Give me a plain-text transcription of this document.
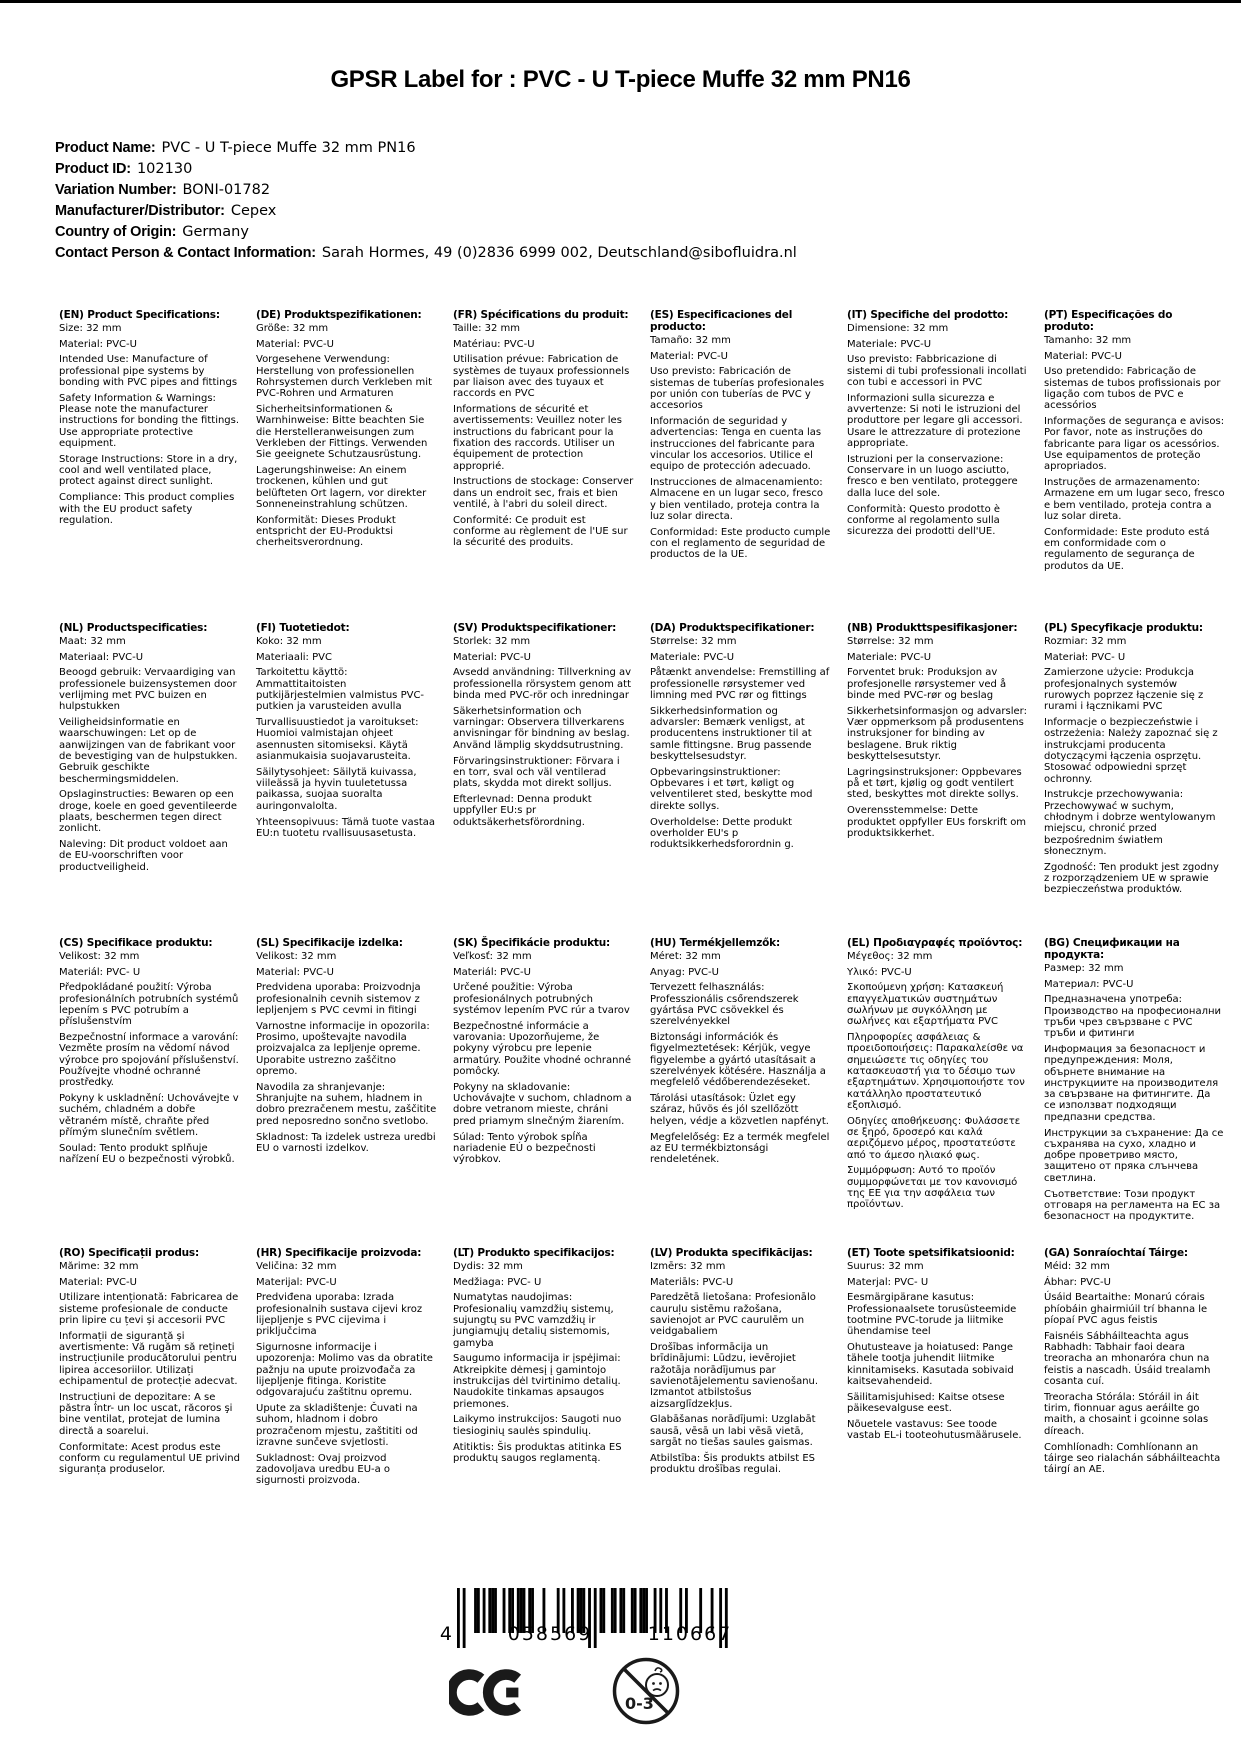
GPSR Label for : PVC - U T-piece Muffe 32 mm PN16
Product Name: PVC - U T-piece Muffe 32 mm PN16
Product ID: 102130
Variation Number: BONI-01782
Manufacturer/Distributor: Cepex
Country of Origin: Germany
Contact Person & Contact Information: Sarah Hormes, 49 (0)2836 6999 002, Deutschland@sibofluidra.nl
(EN) Product Specifications:

Size: 32 mm

Material: PVC-U

Intended Use: Manufacture of professional pipe systems by bonding with PVC pipes and fittings

Safety Information & Warnings: Please note the manufacturer instructions for bonding the fittings. Use appropriate protective equipment.

Storage Instructions: Store in a dry, cool and well ventilated place, protect against direct sunlight.

Compliance: This product complies with the EU product safety regulation.

(DE) Produktspezifikationen:

Größe: 32 mm

Material: PVC-U

Vorgesehene Verwendung: Herstellung von professionellen Rohrsystemen durch Verkleben mit PVC-Rohren und Armaturen

Sicherheitsinformationen & Warnhinweise: Bitte beachten Sie die Herstelleranweisungen zum Verkleben der Fittings. Verwenden Sie geeignete Schutzausrüstung.

Lagerungshinweise: An einem trockenen, kühlen und gut belüfteten Ort lagern, vor direkter Sonneneinstrahlung schützen.

Konformität: Dieses Produkt entspricht der EU-Produktsi cherheitsverordnung.

(FR) Spécifications du produit:

Taille: 32 mm

Matériau: PVC-U

Utilisation prévue: Fabrication de systèmes de tuyaux professionnels par liaison avec des tuyaux et raccords en PVC

Informations de sécurité et avertissements: Veuillez noter les instructions du fabricant pour la fixation des raccords. Utiliser un équipement de protection approprié.

Instructions de stockage: Conserver dans un endroit sec, frais et bien ventilé, à l'abri du soleil direct.

Conformité: Ce produit est conforme au règlement de l'UE sur la sécurité des produits.

(ES) Especificaciones del producto:

Tamaño: 32 mm

Material: PVC-U

Uso previsto: Fabricación de sistemas de tuberías profesionales por unión con tuberías de PVC y accesorios

Información de seguridad y advertencias: Tenga en cuenta las instrucciones del fabricante para vincular los accesorios. Utilice el equipo de protección adecuado.

Instrucciones de almacenamiento: Almacene en un lugar seco, fresco y bien ventilado, proteja contra la luz solar directa.

Conformidad: Este producto cumple con el reglamento de seguridad de productos de la UE.

(IT) Specifiche del prodotto:

Dimensione: 32 mm

Materiale: PVC-U

Uso previsto: Fabbricazione di sistemi di tubi professionali incollati con tubi e accessori in PVC

Informazioni sulla sicurezza e avvertenze: Si noti le istruzioni del produttore per legare gli accessori. Usare le attrezzature di protezione appropriate.

Istruzioni per la conservazione: Conservare in un luogo asciutto, fresco e ben ventilato, proteggere dalla luce del sole.

Conformità: Questo prodotto è conforme al regolamento sulla sicurezza dei prodotti dell'UE.

(PT) Especificações do produto:

Tamanho: 32 mm

Material: PVC-U

Uso pretendido: Fabricação de sistemas de tubos profissionais por ligação com tubos de PVC e acessórios

Informações de segurança e avisos: Por favor, note as instruções do fabricante para ligar os acessórios. Use equipamentos de proteção apropriados.

Instruções de armazenamento: Armazene em um lugar seco, fresco e bem ventilado, proteja contra a luz solar direta.

Conformidade: Este produto está em conformidade com o regulamento de segurança de produtos da UE.

(NL) Productspecificaties:

Maat: 32 mm

Materiaal: PVC-U

Beoogd gebruik: Vervaardiging van professionele buizensystemen door verlijming met PVC buizen en hulpstukken

Veiligheidsinformatie en waarschuwingen: Let op de aanwijzingen van de fabrikant voor de bevestiging van de hulpstukken. Gebruik geschikte beschermingsmiddelen.

Opslaginstructies: Bewaren op een droge, koele en goed geventileerde plaats, beschermen tegen direct zonlicht.

Naleving: Dit product voldoet aan de EU-voorschriften voor productveiligheid.

(FI) Tuotetiedot:

Koko: 32 mm

Materiaali: PVC

Tarkoitettu käyttö: Ammattitaitoisten putkijärjestelmien valmistus PVC-putkien ja varusteiden avulla

Turvallisuustiedot ja varoitukset: Huomioi valmistajan ohjeet asennusten sitomiseksi. Käytä asianmukaisia suojavarusteita.

Säilytysohjeet: Säilytä kuivassa, viileässä ja hyvin tuuletetussa paikassa, suojaa suoralta auringonvalolta.

Yhteensopivuus: Tämä tuote vastaa EU:n tuotetu rvallisuusasetusta.

(SV) Produktspecifikationer:

Storlek: 32 mm

Material: PVC-U

Avsedd användning: Tillverkning av professionella rörsystem genom att binda med PVC-rör och inredningar

Säkerhetsinformation och varningar: Observera tillverkarens anvisningar för bindning av beslag. Använd lämplig skyddsutrustning.

Förvaringsinstruktioner: Förvara i en torr, sval och väl ventilerad plats, skydda mot direkt solljus.

Efterlevnad: Denna produkt uppfyller EU:s pr oduktsäkerhetsförordning.

(DA) Produktspecifikationer:

Størrelse: 32 mm

Materiale: PVC-U

Påtænkt anvendelse: Fremstilling af professionelle rørsystemer ved limning med PVC rør og fittings

Sikkerhedsinformation og advarsler: Bemærk venligst, at producentens instruktioner til at samle fittingsne. Brug passende beskyttelsesudstyr.

Opbevaringsinstruktioner: Opbevares i et tørt, køligt og velventileret sted, beskytte mod direkte sollys.

Overholdelse: Dette produkt overholder EU's p roduktsikkerhedsforordnin g.

(NB) Produkttspesifikasjoner:

Størrelse: 32 mm

Materiale: PVC-U

Forventet bruk: Produksjon av profesjonelle rørsystemer ved å binde med PVC-rør og beslag

Sikkerhetsinformasjon og advarsler: Vær oppmerksom på produsentens instruksjoner for binding av beslagene. Bruk riktig beskyttelsesutstyr.

Lagringsinstruksjoner: Oppbevares på et tørt, kjølig og godt ventilert sted, beskyttes mot direkte sollys.

Overensstemmelse: Dette produktet oppfyller EUs forskrift om produktsikkerhet.

(PL) Specyfikacje produktu:

Rozmiar: 32 mm

Materiał: PVC- U

Zamierzone użycie: Produkcja profesjonalnych systemów rurowych poprzez łączenie się z rurami i łącznikami PVC

Informacje o bezpieczeństwie i ostrzeżenia: Należy zapoznać się z instrukcjami producenta dotyczącymi łączenia osprzętu. Stosować odpowiedni sprzęt ochronny.

Instrukcje przechowywania: Przechowywać w suchym, chłodnym i dobrze wentylowanym miejscu, chronić przed bezpośrednim światłem słonecznym.

Zgodność: Ten produkt jest zgodny z rozporządzeniem UE w sprawie bezpieczeństwa produktów.

(CS) Specifikace produktu:

Velikost: 32 mm

Materiál: PVC- U

Předpokládané použití: Výroba profesionálních potrubních systémů lepením s PVC potrubím a příslušenstvím

Bezpečnostní informace a varování: Vezměte prosím na vědomí návod výrobce pro spojování příslušenství. Používejte vhodné ochranné prostředky.

Pokyny k uskladnění: Uchovávejte v suchém, chladném a dobře větraném místě, chraňte před přímým slunečním světlem.

Soulad: Tento produkt splňuje nařízení EU o bezpečnosti výrobků.

(SL) Specifikacije izdelka:

Velikost: 32 mm

Material: PVC-U

Predvidena uporaba: Proizvodnja profesionalnih cevnih sistemov z lepljenjem s PVC cevmi in fitingi

Varnostne informacije in opozorila: Prosimo, upoštevajte navodila proizvajalca za lepljenje opreme. Uporabite ustrezno zaščitno opremo.

Navodila za shranjevanje: Shranjujte na suhem, hladnem in dobro prezračenem mestu, zaščitite pred neposredno sončno svetlobo.

Skladnost: Ta izdelek ustreza uredbi EU o varnosti izdelkov.

(SK) Špecifikácie produktu:

Veľkosť: 32 mm

Materiál: PVC-U

Určené použitie: Výroba profesionálnych potrubných systémov lepením PVC rúr a tvarov

Bezpečnostné informácie a varovania: Upozorňujeme, že pokyny výrobcu pre lepenie armatúry. Použite vhodné ochranné pomôcky.

Pokyny na skladovanie: Uchovávajte v suchom, chladnom a dobre vetranom mieste, chráni pred priamym slnečným žiarením.

Súlad: Tento výrobok spĺňa nariadenie EÚ o bezpečnosti výrobkov.

(HU) Termékjellemzők:

Méret: 32 mm

Anyag: PVC-U

Tervezett felhasználás: Professzionális csőrendszerek gyártása PVC csövekkel és szerelvényekkel

Biztonsági információk és figyelmeztetések: Kérjük, vegye figyelembe a gyártó utasításait a szerelvények kötésére. Használja a megfelelő védőberendezéseket.

Tárolási utasítások: Üzlet egy száraz, hűvös és jól szellőzött helyen, védje a közvetlen napfényt.

Megfelelőség: Ez a termék megfelel az EU termékbiztonsági rendeletének.

(EL) Προδιαγραφές προϊόντος:

Μέγεθος: 32 mm

Υλικό: PVC-U

Σκοπούμενη χρήση: Κατασκευή επαγγελματικών συστημάτων σωλήνων με συγκόλληση με σωλήνες και εξαρτήματα PVC

Πληροφορίες ασφάλειας & προειδοποιήσεις: Παρακαλείσθε να σημειώσετε τις οδηγίες του κατασκευαστή για το δέσιμο των εξαρτημάτων. Χρησιμοποιήστε τον κατάλληλο προστατευτικό εξοπλισμό.

Οδηγίες αποθήκευσης: Φυλάσσετε σε ξηρό, δροσερό και καλά αεριζόμενο μέρος, προστατεύστε από το άμεσο ηλιακό φως.

Συμμόρφωση: Αυτό το προϊόν συμμορφώνεται με τον κανονισμό της ΕΕ για την ασφάλεια των προϊόντων.

(BG) Спецификации на продукта:

Размер: 32 mm

Материал: PVC-U

Предназначена употреба: Производство на професионални тръби чрез свързване с PVC тръби и фитинги

Информация за безопасност и предупреждения: Моля, обърнете внимание на инструкциите на производителя за свързване на фитингите. Да се използват подходящи предпазни средства.

Инструкции за съхранение: Да се съхранява на сухо, хладно и добре проветриво място, защитено от пряка слънчева светлина.

Съответствие: Този продукт отговаря на регламента на ЕС за безопасност на продуктите.

(RO) Specificații produs:

Mărime: 32 mm

Material: PVC-U

Utilizare intenționată: Fabricarea de sisteme profesionale de conducte prin lipire cu țevi și accesorii PVC

Informații de siguranță și avertismente: Vă rugăm să rețineți instrucțiunile producătorului pentru lipirea accesoriilor. Utilizați echipamentul de protecție adecvat.

Instrucțiuni de depozitare: A se păstra într- un loc uscat, răcoros şi bine ventilat, protejat de lumina directă a soarelui.

Conformitate: Acest produs este conform cu regulamentul UE privind siguranța produselor.

(HR) Specifikacije proizvoda:

Veličina: 32 mm

Materijal: PVC-U

Predviđena uporaba: Izrada profesionalnih sustava cijevi kroz lijepljenje s PVC cijevima i priključcima

Sigurnosne informacije i upozorenja: Molimo vas da obratite pažnju na upute proizvođača za lijepljenje fitinga. Koristite odgovarajuću zaštitnu opremu.

Upute za skladištenje: Čuvati na suhom, hladnom i dobro prozračenom mjestu, zaštititi od izravne sunčeve svjetlosti.

Sukladnost: Ovaj proizvod zadovoljava uredbu EU-a o sigurnosti proizvoda.

(LT) Produkto specifikacijos:

Dydis: 32 mm

Medžiaga: PVC- U

Numatytas naudojimas: Profesionalių vamzdžių sistemų, sujungtų su PVC vamzdžių ir jungiamųjų detalių sistemomis, gamyba

Saugumo informacija ir įspėjimai: Atkreipkite dėmesį į gamintojo instrukcijas dėl tvirtinimo detalių. Naudokite tinkamas apsaugos priemones.

Laikymo instrukcijos: Saugoti nuo tiesioginių saulės spindulių.

Atitiktis: Šis produktas atitinka ES produktų saugos reglamentą.

(LV) Produkta specifikācijas:

Izmērs: 32 mm

Materiāls: PVC-U

Paredzētā lietošana: Profesionālo cauruļu sistēmu ražošana, savienojot ar PVC caurulēm un veidgabaliem

Drošības informācija un brīdinājumi: Lūdzu, ievērojiet ražotāja norādījumus par savienotājelementu savienošanu. Izmantot atbilstošus aizsarglīdzekļus.

Glabāšanas norādījumi: Uzglabāt sausā, vēsā un labi vēsā vietā, sargāt no tiešas saules gaismas.

Atbilstība: Šis produkts atbilst ES produktu drošības regulai.

(ET) Toote spetsifikatsioonid:

Suurus: 32 mm

Materjal: PVC- U

Eesmärgipärane kasutus: Professionaalsete torusüsteemide tootmine PVC-torude ja liitmike ühendamise teel

Ohutusteave ja hoiatused: Pange tähele tootja juhendit liitmike kinnitamiseks. Kasutada sobivaid kaitsevahendeid.

Säilitamisjuhised: Kaitse otsese päikesevalguse eest.

Nõuetele vastavus: See toode vastab EL-i tooteohutusmäärusele.

(GA) Sonraíochtaí Táirge:

Méid: 32 mm

Ábhar: PVC-U

Úsáid Beartaithe: Monarú córais phíobáin ghairmiúil trí bhanna le píopaí PVC agus feistis

Faisnéis Sábháilteachta agus Rabhadh: Tabhair faoi deara treoracha an mhonaróra chun na feistis a nascadh. Úsáid trealamh cosanta cuí.

Treoracha Stórála: Stóráil in áit tirim, fionnuar agus aeráilte go maith, a chosaint i gcoinne solas díreach.

Comhlíonadh: Comhlíonann an táirge seo rialachán sábháilteachta táirgí an AE.

4	058569	110667
0-3
